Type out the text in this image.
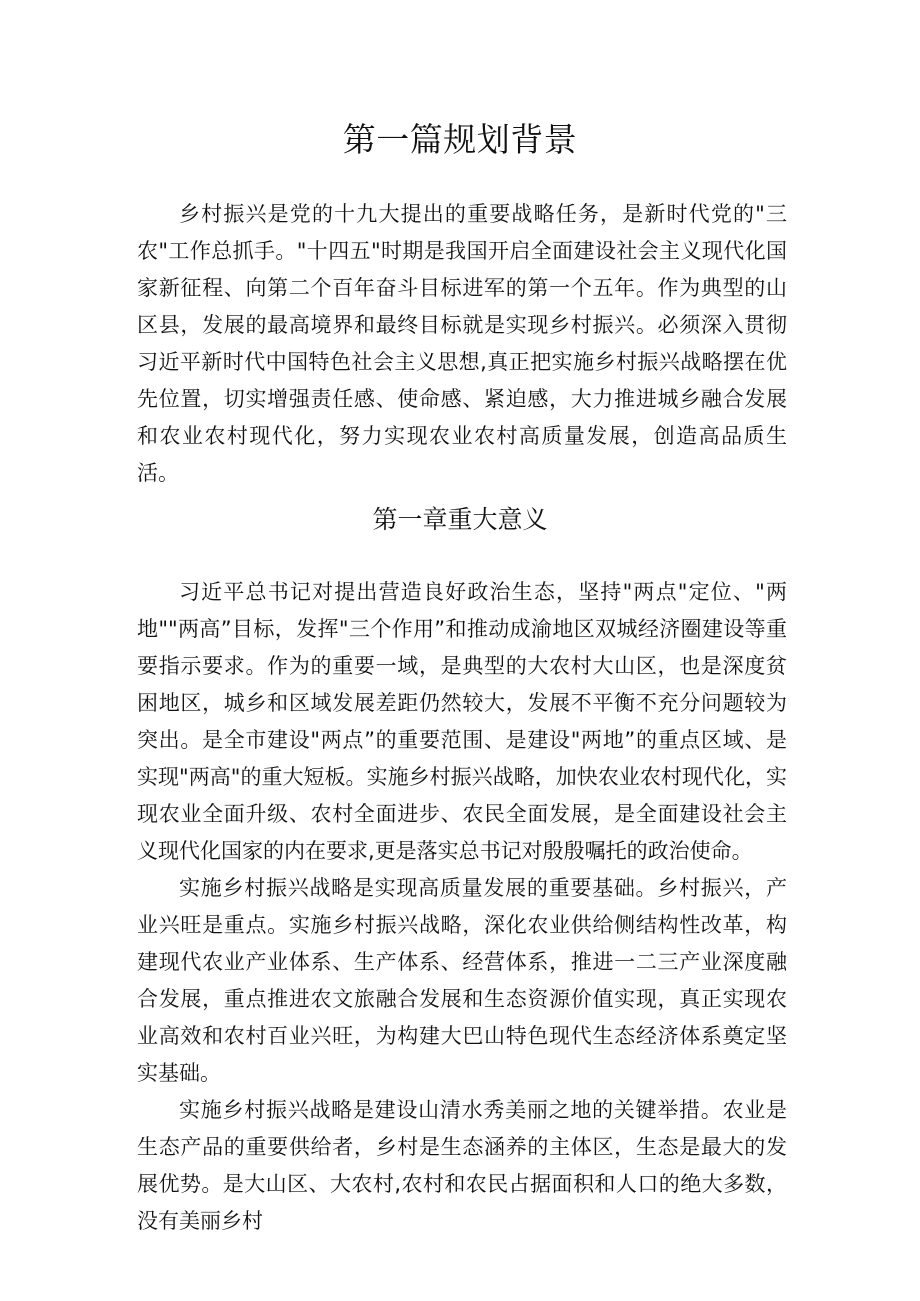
第一篇规划背景

乡村振兴是党的十九大提出的重要战略任务，是新时代党的"三农"工作总抓手。"十四五"时期是我国开启全面建设社会主义现代化国家新征程、向第二个百年奋斗目标进军的第一个五年。作为典型的山区县，发展的最高境界和最终目标就是实现乡村振兴。必须深入贯彻习近平新时代中国特色社会主义思想,真正把实施乡村振兴战略摆在优先位置，切实增强责任感、使命感、紧迫感，大力推进城乡融合发展和农业农村现代化，努力实现农业农村高质量发展，创造高品质生活。

第一章重大意义

习近平总书记对提出营造良好政治生态，坚持"两点"定位、"两地""两高”目标，发挥"三个作用”和推动成渝地区双城经济圈建设等重要指示要求。作为的重要一域，是典型的大农村大山区，也是深度贫困地区，城乡和区域发展差距仍然较大，发展不平衡不充分问题较为突出。是全市建设"两点”的重要范围、是建设"两地”的重点区域、是实现"两高"的重大短板。实施乡村振兴战略，加快农业农村现代化，实现农业全面升级、农村全面进步、农民全面发展，是全面建设社会主义现代化国家的内在要求,更是落实总书记对殷殷嘱托的政治使命。

实施乡村振兴战略是实现高质量发展的重要基础。乡村振兴，产业兴旺是重点。实施乡村振兴战略，深化农业供给侧结构性改革，构建现代农业产业体系、生产体系、经营体系，推进一二三产业深度融合发展，重点推进农文旅融合发展和生态资源价值实现，真正实现农业高效和农村百业兴旺，为构建大巴山特色现代生态经济体系奠定坚实基础。

实施乡村振兴战略是建设山清水秀美丽之地的关键举措。农业是生态产品的重要供给者，乡村是生态涵养的主体区，生态是最大的发展优势。是大山区、大农村,农村和农民占据面积和人口的绝大多数，没有美丽乡村
